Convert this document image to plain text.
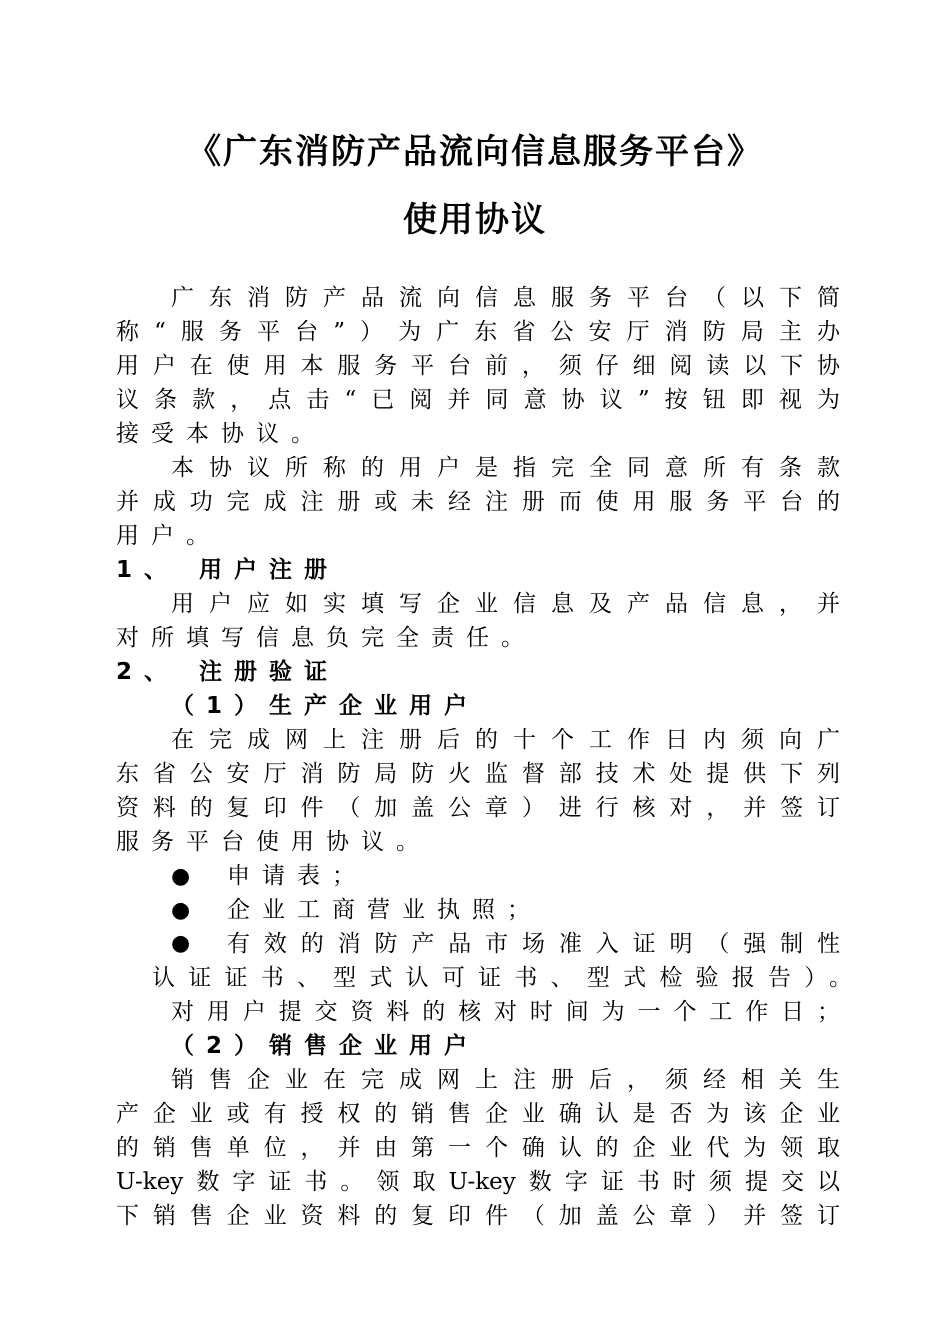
《广东消防产品流向信息服务平台》
使用协议
广东消防产品流向信息服务平台（以下简
称“服务平台”）为广东省公安厅消防局主办
用户在使用本服务平台前，须仔细阅读以下协
议条款，点击“已阅并同意协议”按钮即视为
接受本协议。
本协议所称的用户是指完全同意所有条款
并成功完成注册或未经注册而使用服务平台的
用户。
1、 用户注册
用户应如实填写企业信息及产品信息，并
对所填写信息负完全责任。
2、 注册验证
（1）生产企业用户
在完成网上注册后的十个工作日内须向广
东省公安厅消防局防火监督部技术处提供下列
资料的复印件（加盖公章）进行核对，并签订
服务平台使用协议。
● 申请表；
● 企业工商营业执照；
●	有效的消防产品市场准入证明（强制性
认证证书、型式认可证书、型式检验报告）。
对用户提交资料的核对时间为一个工作日；
（2）销售企业用户
销售企业在完成网上注册后，须经相关生
产企业或有授权的销售企业确认是否为该企业
的销售单位，并由第一个确认的企业代为领取
U-key数字证书。领取U-key数字证书时须提交以
下销售企业资料的复印件（加盖公章）并签订
